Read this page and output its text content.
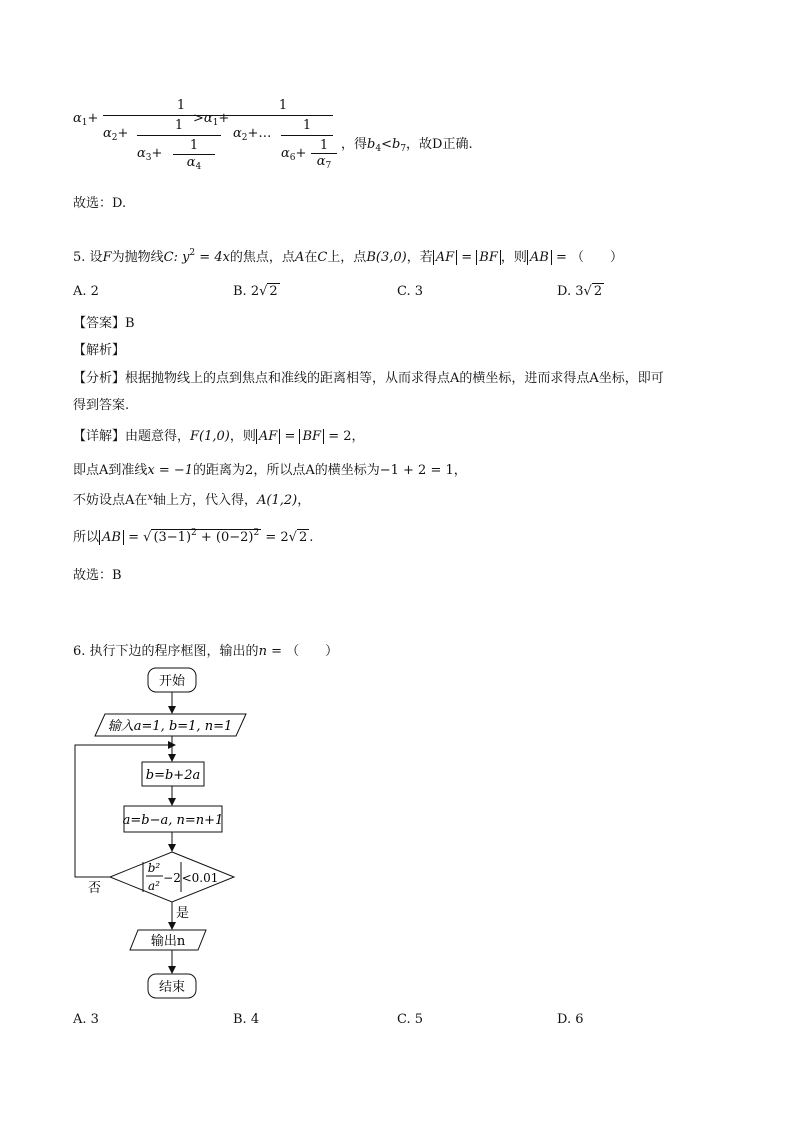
$\alpha_1+$
1
$\alpha_2+$
1
$\alpha_3+$
1
$\alpha_4$
$>\alpha_1+$
1
$\alpha_2+\dots$
1
$\alpha_6+$
1
$\alpha_7$
，得$b_4<b_7$，故D正确.
故选：D.
5. 设F为抛物线C: $y^2 = 4x$的焦点，点A在C上，点B(3,0)，若 AF = BF ，则 AB = （　　）
A. 2	B. 2√ 2	C. 3	D. 3√ 2
【答案】B
【解析】
【分析】根据抛物线上的点到焦点和准线的距离相等，从而求得点A的横坐标，进而求得点A坐标，即可
得到答案.
【详解】由题意得，F(1,0)，则 AF = BF = 2，
即点A到准线x = −1的距离为2，所以点A的横坐标为−1 + 2 = 1，
不妨设点A在$^x$轴上方，代入得，A(1,2)，
所以 AB = √ $(3-1)^2 + (0-2)^2 = 2√$ 2 .
故选：B
6. 执行下边的程序框图，输出的n = （　　）
开始
输入a=1, b=1, n=1
b=b+2a
a=b−a, n=n+1
b²
a²
−2 <0.01
否
是
输出n
结束
A. 3	B. 4	C. 5	D. 6
